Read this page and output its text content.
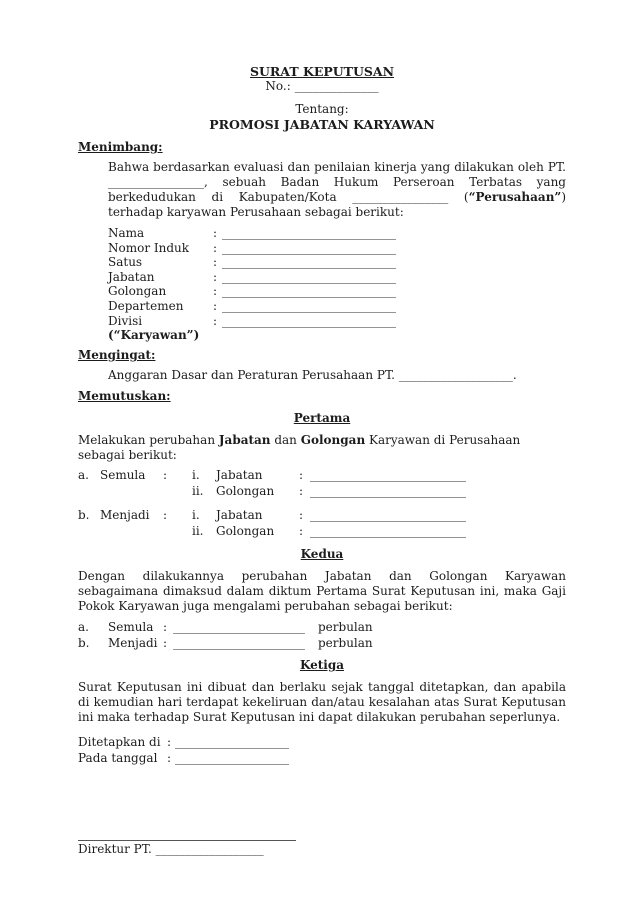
SURAT KEPUTUSAN
No.: ______________
Tentang:
PROMOSI JABATAN KARYAWAN
Menimbang:
Bahwa berdasarkan evaluasi dan penilaian kinerja yang dilakukan oleh PT. ________________, sebuah Badan Hukum Perseroan Terbatas yang berkedudukan di Kabupaten/Kota ________________ (“Perusahaan”) terhadap karyawan Perusahaan sebagai berikut:
Nama	: _____________________________
Nomor Induk	: _____________________________
Satus	: _____________________________
Jabatan	: _____________________________
Golongan	: _____________________________
Departemen	: _____________________________
Divisi	: _____________________________
(“Karyawan”)
Mengingat:
Anggaran Dasar dan Peraturan Perusahaan PT. ___________________.
Memutuskan:
Pertama
Melakukan perubahan Jabatan dan Golongan Karyawan di Perusahaan sebagai berikut:
a. Semula	:	i.	Jabatan	: __________________________
ii.	Golongan	: __________________________
b. Menjadi	:	i.	Jabatan	: __________________________
ii.	Golongan	: __________________________
Kedua
Dengan dilakukannya perubahan Jabatan dan Golongan Karyawan sebagaimana dimaksud dalam diktum Pertama Surat Keputusan ini, maka Gaji Pokok Karyawan juga mengalami perubahan sebagai berikut:
a.	Semula : ______________________	perbulan
b.	Menjadi : ______________________	perbulan
Ketiga
Surat Keputusan ini dibuat dan berlaku sejak tanggal ditetapkan, dan apabila di kemudian hari terdapat kekeliruan dan/atau kesalahan atas Surat Keputusan ini maka terhadap Surat Keputusan ini dapat dilakukan perubahan seperlunya.
Ditetapkan di : ___________________
Pada tanggal : ___________________
Direktur PT. __________________
